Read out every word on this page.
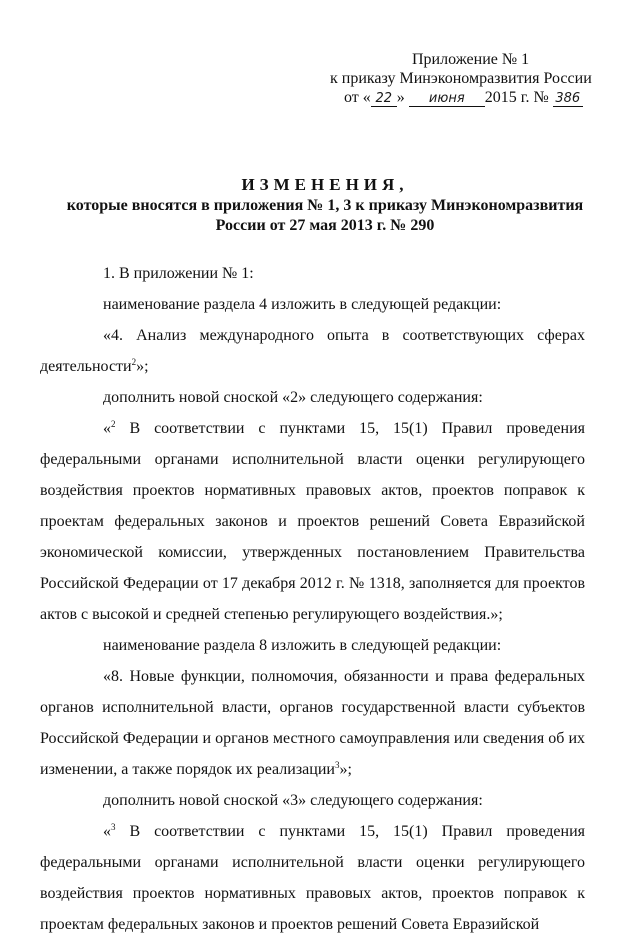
Приложение № 1
к приказу Минэкономразвития России
от « 22 » июня 2015 г. № 386
ИЗМЕНЕНИЯ,
которые вносятся в приложения № 1, 3 к приказу Минэкономразвития
России от 27 мая 2013 г. № 290
1. В приложении № 1:
наименование раздела 4 изложить в следующей редакции:
«4. Анализ международного опыта в соответствующих сферах деятельности$^2$»;
дополнить новой сноской «2» следующего содержания:
«$^2$ В соответствии с пунктами 15, 15(1) Правил проведения федеральными органами исполнительной власти оценки регулирующего воздействия проектов нормативных правовых актов, проектов поправок к проектам федеральных законов и проектов решений Совета Евразийской экономической комиссии, утвержденных постановлением Правительства Российской Федерации от 17 декабря 2012 г. № 1318, заполняется для проектов актов с высокой и средней степенью регулирующего воздействия.»;
наименование раздела 8 изложить в следующей редакции:
«8. Новые функции, полномочия, обязанности и права федеральных органов исполнительной власти, органов государственной власти субъектов Российской Федерации и органов местного самоуправления или сведения об их изменении, а также порядок их реализации$^3$»;
дополнить новой сноской «3» следующего содержания:
«$^3$ В соответствии с пунктами 15, 15(1) Правил проведения федеральными органами исполнительной власти оценки регулирующего воздействия проектов нормативных правовых актов, проектов поправок к проектам федеральных законов и проектов решений Совета Евразийской
